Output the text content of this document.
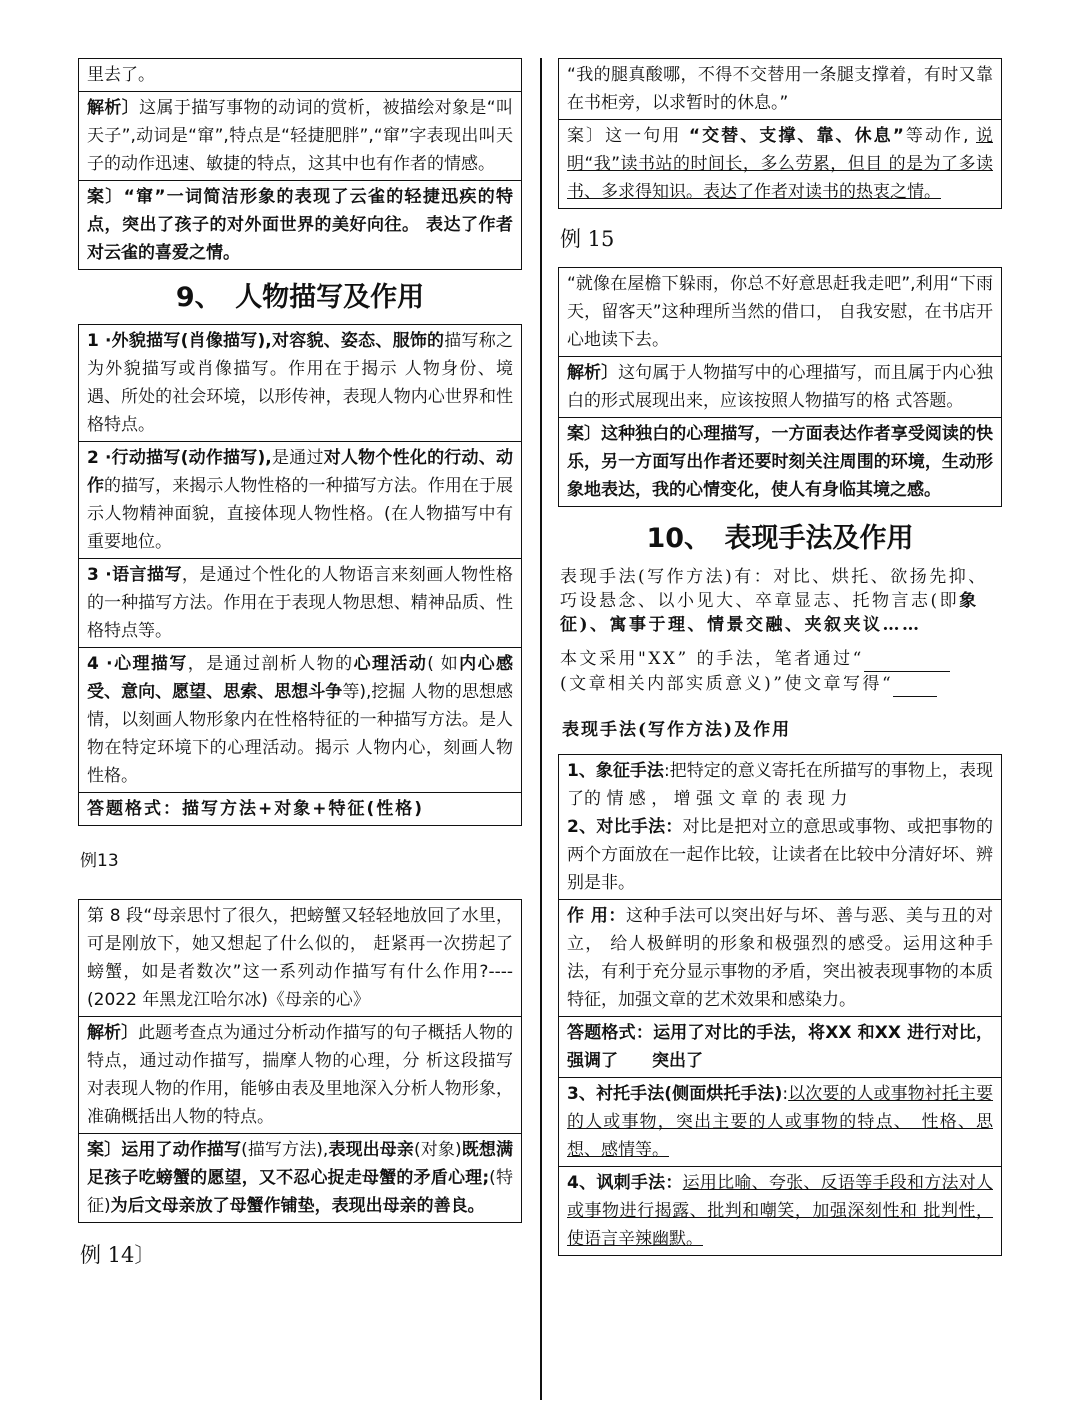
里去了。
解析〕这属于描写事物的动词的赏析，被描绘对象是“叫天子”,动词是“窜”,特点是“轻捷肥胖”,“窜”字表现出叫天子的动作迅速、敏捷的特点，这其中也有作者的情感。
案〕“窜”一词简洁形象的表现了云雀的轻捷迅疾的特点，突出了孩子的对外面世界的美好向往。 表达了作者对云雀的喜爱之情。
9、　人物描写及作用
1 ·外貌描写(肖像描写),对容貌、姿态、服饰的描写称之为外貌描写或肖像描写。作用在于揭示 人物身份、境遇、所处的社会环境，以形传神，表现人物内心世界和性格特点。
2 ·行动描写(动作描写),是通过对人物个性化的行动、动作的描写，来揭示人物性格的一种描写方法。作用在于展示人物精神面貌，直接体现人物性格。(在人物描写中有重要地位。
3 ·语言描写，是通过个性化的人物语言来刻画人物性格的一种描写方法。作用在于表现人物思想、精神品质、性格特点等。
4 ·心理描写，是通过剖析人物的心理活动( 如内心感受、意向、愿望、思索、思想斗争等),挖掘 人物的思想感情，以刻画人物形象内在性格特征的一种描写方法。是人物在特定环境下的心理活动。揭示 人物内心，刻画人物性格。
答题格式：描写方法+对象+特征(性格)
例13
第 8 段“母亲思忖了很久，把螃蟹又轻轻地放回了水里，可是刚放下，她又想起了什么似的， 赶紧再一次捞起了螃蟹，如是者数次”这一系列动作描写有什么作用?----(2022 年黑龙江哈尔冰)《母亲的心》
解析〕此题考查点为通过分析动作描写的句子概括人物的特点，通过动作描写，揣摩人物的心理，分 析这段描写对表现人物的作用，能够由表及里地深入分析人物形象，准确概括出人物的特点。
案〕运用了动作描写(描写方法),表现出母亲(对象)既想满足孩子吃螃蟹的愿望，又不忍心捉走母蟹的矛盾心理;(特征)为后文母亲放了母蟹作铺垫，表现出母亲的善良。
例 14〕
“我的腿真酸哪，不得不交替用一条腿支撑着，有时又靠在书柜旁，以求暂时的休息。”
案〕这一句用 “交替、支撑、靠、休息”等动作, 说明“我”读书站的时间长，多么劳累，但目 的是为了多读书、多求得知识。表达了作者对读书的热衷之情。
例 15
“就像在屋檐下躲雨，你总不好意思赶我走吧”,利用“下雨天，留客天”这种理所当然的借口， 自我安慰，在书店开心地读下去。
解析〕这句属于人物描写中的心理描写，而且属于内心独白的形式展现出来，应该按照人物描写的格 式答题。
案〕这种独白的心理描写，一方面表达作者享受阅读的快乐，另一方面写出作者还要时刻关注周围的环境，生动形象地表达，我的心情变化，使人有身临其境之感。
10、　表现手法及作用
表现手法(写作方法)有：对比、烘托、欲扬先抑、巧设悬念、以小见大、卒章显志、托物言志(即象征)、寓事于理、情景交融、夹叙夹议……
本文采用"XX” 的手法，笔者通过“
(文章相关内部实质意义)”使文章写得“
表现手法(写作方法)及作用
1、象征手法:把特定的意义寄托在所描写的事物上，表现了的 情 感 ， 增 强 文 章 的 表 现 力
2、对比手法：对比是把对立的意思或事物、或把事物的两个方面放在一起作比较，让读者在比较中分清好坏、辨别是非。
作 用：这种手法可以突出好与坏、善与恶、美与丑的对立， 给人极鲜明的形象和极强烈的感受。运用这种手法，有利于充分显示事物的矛盾，突出被表现事物的本质特征，加强文章的艺术效果和感染力。
答题格式：运用了对比的手法，将XX 和XX 进行对比，强调了　　突出了
3、衬托手法(侧面烘托手法):以次要的人或事物衬托主要的人或事物，突出主要的人或事物的特点、　性格、思想、感情等。
4、讽刺手法：运用比喻、夸张、反语等手段和方法对人或事物进行揭露、批判和嘲笑，加强深刻性和 批判性，使语言辛辣幽默。
